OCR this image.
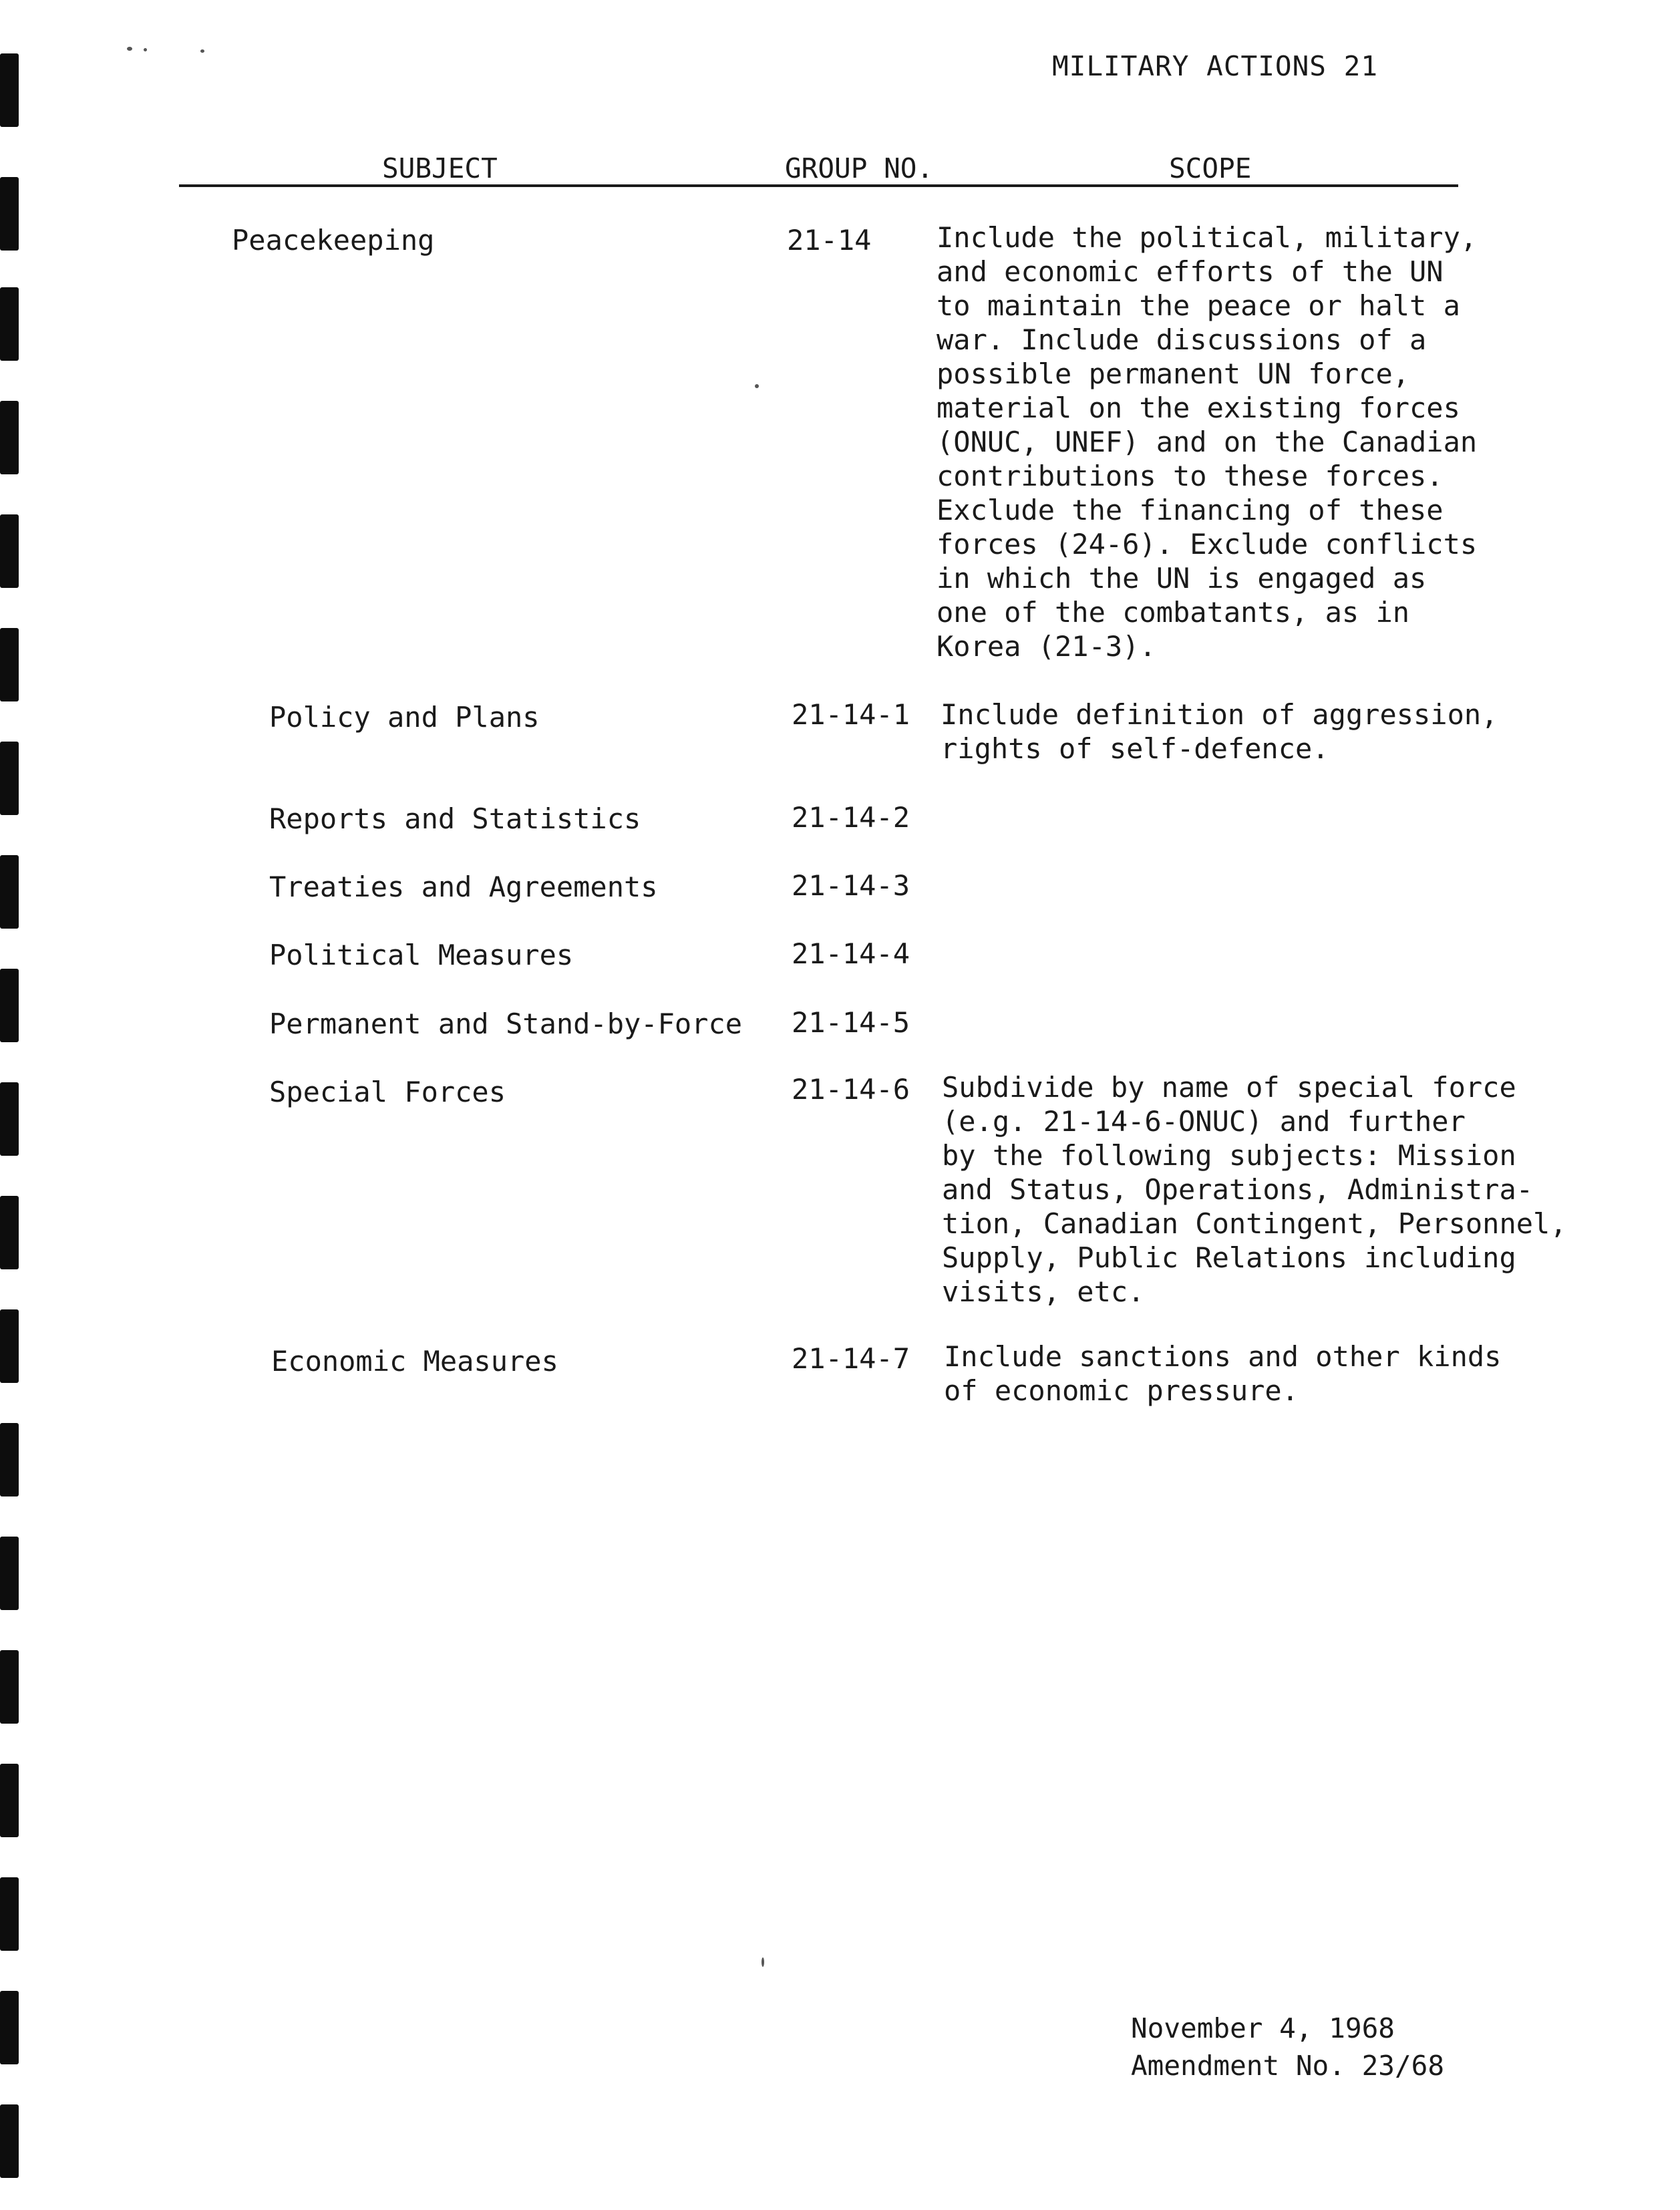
MILITARY ACTIONS 21
SUBJECT	GROUP NO.	SCOPE
Peacekeeping	21-14 Include the political, military,
and economic efforts of the UN
to maintain the peace or halt a
war. Include discussions of a
possible permanent UN force,
material on the existing forces
(ONUC, UNEF) and on the Canadian
contributions to these forces.
Exclude the financing of these
forces (24-6). Exclude conflicts
in which the UN is engaged as
one of the combatants, as in
Korea (21-3).
Policy and Plans	21-14-1 Include definition of aggression,
rights of self-defence.
Reports and Statistics	21-14-2
Treaties and Agreements	21-14-3
Political Measures	21-14-4
Permanent and Stand-by-Force 21-14-5
Special Forces	21-14-6 Subdivide by name of special force
(e.g. 21-14-6-ONUC) and further
by the following subjects: Mission
and Status, Operations, Administra-
tion, Canadian Contingent, Personnel,
Supply, Public Relations including
visits, etc.
Economic Measures	21-14-7 Include sanctions and other kinds
of economic pressure.
November 4, 1968
Amendment No. 23/68
